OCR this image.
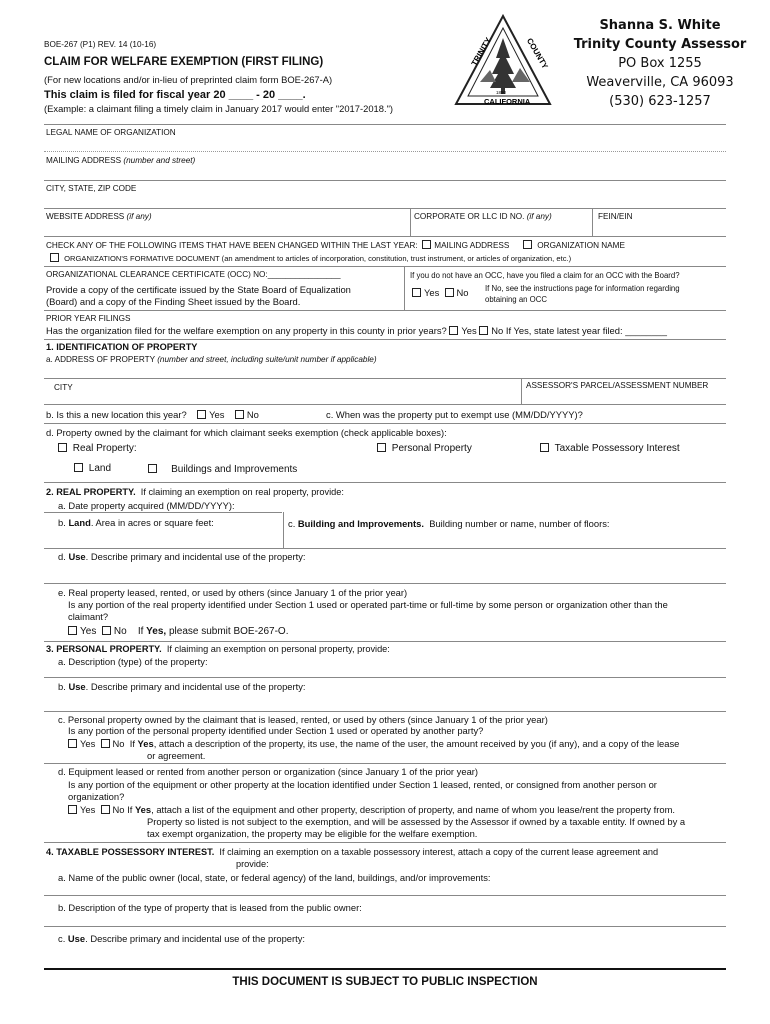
BOE-267 (P1) REV. 14 (10-16)
CLAIM FOR WELFARE EXEMPTION (FIRST FILING)
(For new locations and/or in-lieu of preprinted claim form BOE-267-A)
This claim is filed for fiscal year 20 ____ - 20 ____.
(Example: a claimant filing a timely claim in January 2017 would enter "2017-2018.")
TRINITY	COUNTY
CALIFORNIA
1850
Shanna S. White
Trinity County Assessor
PO Box 1255
Weaverville, CA 96093
(530) 623-1257
LEGAL NAME OF ORGANIZATION
MAILING ADDRESS (number and street)
CITY, STATE, ZIP CODE
WEBSITE ADDRESS (if any)	CORPORATE OR LLC ID NO. (if any)	FEIN/EIN
CHECK ANY OF THE FOLLOWING ITEMS THAT HAVE BEEN CHANGED WITHIN THE LAST YEAR: MAILING ADDRESS	ORGANIZATION NAME
ORGANIZATION'S FORMATIVE DOCUMENT (an amendment to articles of incorporation, constitution, trust instrument, or articles of organization, etc.)
ORGANIZATIONAL CLEARANCE CERTIFICATE (OCC) NO:________________
Provide a copy of the certificate issued by the State Board of Equalization
(Board) and a copy of the Finding Sheet issued by the Board.
If you do not have an OCC, have you filed a claim for an OCC with the Board?
Yes No If No, see the instructions page for information regarding
obtaining an OCC
PRIOR YEAR FILINGS
Has the organization filed for the welfare exemption on any property in this county in prior years? Yes No If Yes, state latest year filed: ________
1. IDENTIFICATION OF PROPERTY
a. ADDRESS OF PROPERTY (number and street, including suite/unit number if applicable)
CITY	ASSESSOR'S PARCEL/ASSESSMENT NUMBER
b. Is this a new location this year? Yes No	c. When was the property put to exempt use (MM/DD/YYYY)?
d. Property owned by the claimant for which claimant seeks exemption (check applicable boxes):
Real Property:	Personal Property	Taxable Possessory Interest
Land	Buildings and Improvements
2. REAL PROPERTY. If claiming an exemption on real property, provide:
a. Date property acquired (MM/DD/YYYY):
b. Land. Area in acres or square feet:	c. Building and Improvements. Building number or name, number of floors:
d. Use. Describe primary and incidental use of the property:
e. Real property leased, rented, or used by others (since January 1 of the prior year)
Is any portion of the real property identified under Section 1 used or operated part-time or full-time by some person or organization other than the
claimant?
Yes No If Yes, please submit BOE-267-O.
3. PERSONAL PROPERTY. If claiming an exemption on personal property, provide:
a. Description (type) of the property:
b. Use. Describe primary and incidental use of the property:
c. Personal property owned by the claimant that is leased, rented, or used by others (since January 1 of the prior year)
Is any portion of the personal property identified under Section 1 used or operated by another party?
Yes No If Yes, attach a description of the property, its use, the name of the user, the amount received by you (if any), and a copy of the lease
or agreement.
d. Equipment leased or rented from another person or organization (since January 1 of the prior year)
Is any portion of the equipment or other property at the location identified under Section 1 leased, rented, or consigned from another person or
organization?
Yes No If Yes, attach a list of the equipment and other property, description of property, and name of whom you lease/rent the property from.
Property so listed is not subject to the exemption, and will be assessed by the Assessor if owned by a taxable entity. If owned by a
tax exempt organization, the property may be eligible for the welfare exemption.
4. TAXABLE POSSESSORY INTEREST. If claiming an exemption on a taxable possessory interest, attach a copy of the current lease agreement and
provide:
a. Name of the public owner (local, state, or federal agency) of the land, buildings, and/or improvements:
b. Description of the type of property that is leased from the public owner:
c. Use. Describe primary and incidental use of the property:
THIS DOCUMENT IS SUBJECT TO PUBLIC INSPECTION
